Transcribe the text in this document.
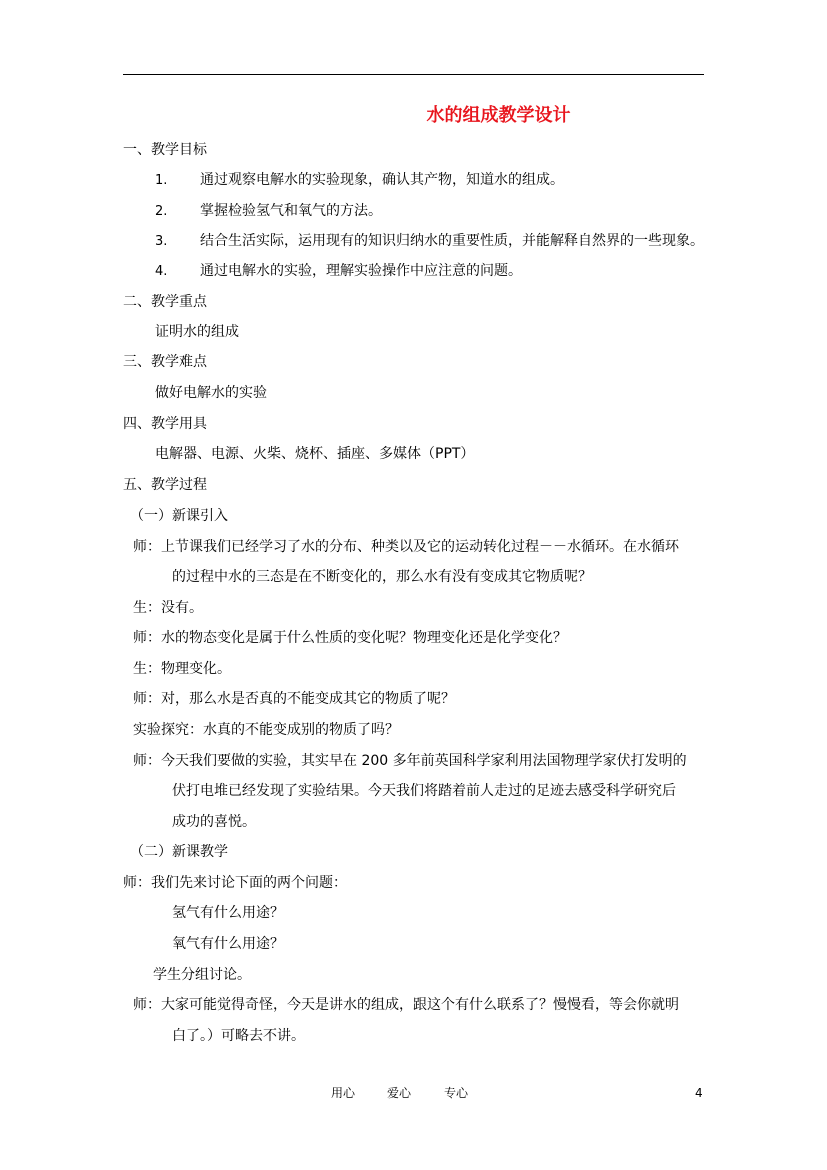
水的组成教学设计
一、教学目标
1. 通过观察电解水的实验现象，确认其产物，知道水的组成。
2. 掌握检验氢气和氧气的方法。
3. 结合生活实际，运用现有的知识归纳水的重要性质，并能解释自然界的一些现象。
4. 通过电解水的实验，理解实验操作中应注意的问题。
二、教学重点
证明水的组成
三、教学难点
做好电解水的实验
四、教学用具
电解器、电源、火柴、烧杯、插座、多媒体（PPT）
五、教学过程
（一）新课引入
师：上节课我们已经学习了水的分布、种类以及它的运动转化过程－－水循环。在水循环
的过程中水的三态是在不断变化的，那么水有没有变成其它物质呢？
生：没有。
师：水的物态变化是属于什么性质的变化呢？物理变化还是化学变化？
生：物理变化。
师：对，那么水是否真的不能变成其它的物质了呢？
实验探究：水真的不能变成别的物质了吗？
师：今天我们要做的实验，其实早在 200 多年前英国科学家利用法国物理学家伏打发明的
伏打电堆已经发现了实验结果。今天我们将踏着前人走过的足迹去感受科学研究后
成功的喜悦。
（二）新课教学
师：我们先来讨论下面的两个问题：
氢气有什么用途？
氧气有什么用途？
学生分组讨论。
师：大家可能觉得奇怪，今天是讲水的组成，跟这个有什么联系了？慢慢看，等会你就明
白了。）可略去不讲。
用心	爱心	专心	4
